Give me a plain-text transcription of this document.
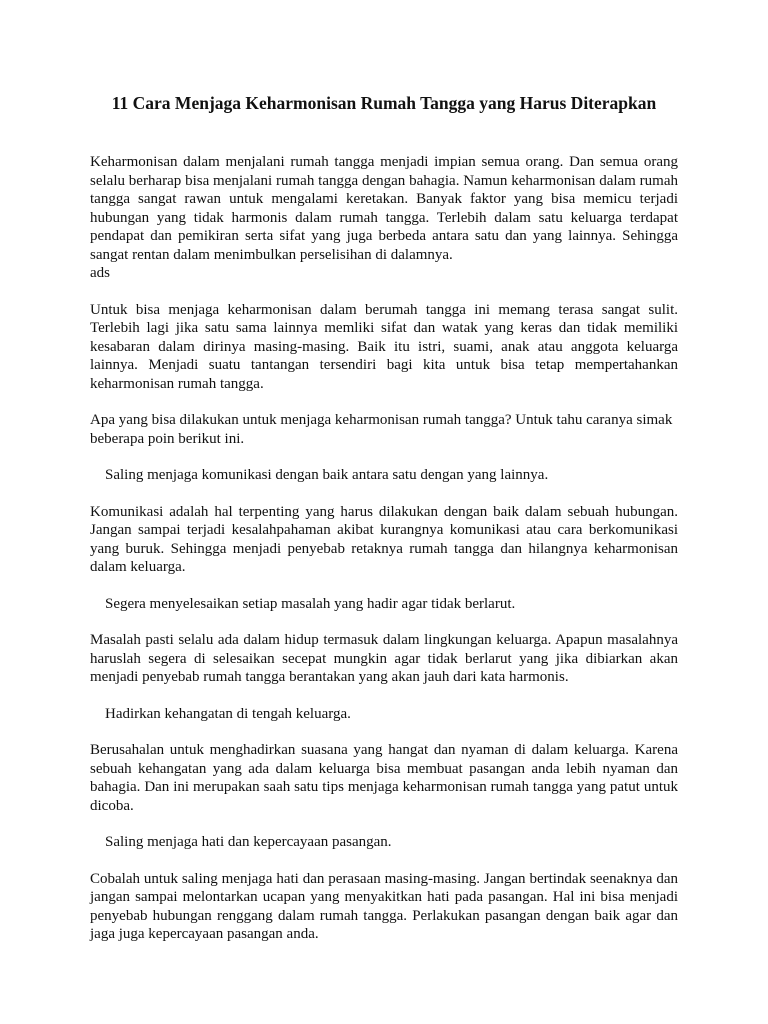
11 Cara Menjaga Keharmonisan Rumah Tangga yang Harus Diterapkan

Keharmonisan dalam menjalani rumah tangga menjadi impian semua orang. Dan semua orang selalu berharap bisa menjalani rumah tangga dengan bahagia. Namun keharmonisan dalam rumah tangga sangat rawan untuk mengalami keretakan. Banyak faktor yang bisa memicu terjadi hubungan yang tidak harmonis dalam rumah tangga. Terlebih dalam satu keluarga terdapat pendapat dan pemikiran serta sifat yang juga berbeda antara satu dan yang lainnya. Sehingga sangat rentan dalam menimbulkan perselisihan di dalamnya.
ads

Untuk bisa menjaga keharmonisan dalam berumah tangga ini memang terasa sangat sulit. Terlebih lagi jika satu sama lainnya memliki sifat dan watak yang keras dan tidak memiliki kesabaran dalam dirinya masing-masing. Baik itu istri, suami, anak atau anggota keluarga lainnya. Menjadi suatu tantangan tersendiri bagi kita untuk bisa tetap mempertahankan keharmonisan rumah tangga.

Apa yang bisa dilakukan untuk menjaga keharmonisan rumah tangga? Untuk tahu caranya simak beberapa poin berikut ini.

Saling menjaga komunikasi dengan baik antara satu dengan yang lainnya.

Komunikasi adalah hal terpenting yang harus dilakukan dengan baik dalam sebuah hubungan. Jangan sampai terjadi kesalahpahaman akibat kurangnya komunikasi atau cara berkomunikasi yang buruk. Sehingga menjadi penyebab retaknya rumah tangga dan hilangnya keharmonisan dalam keluarga.

Segera menyelesaikan setiap masalah yang hadir agar tidak berlarut.

Masalah pasti selalu ada dalam hidup termasuk dalam lingkungan keluarga. Apapun masalahnya haruslah segera di selesaikan secepat mungkin agar tidak berlarut yang jika dibiarkan akan menjadi penyebab rumah tangga berantakan yang akan jauh dari kata harmonis.

Hadirkan kehangatan di tengah keluarga.

Berusahalan untuk menghadirkan suasana yang hangat dan nyaman di dalam keluarga. Karena sebuah kehangatan yang ada dalam keluarga bisa membuat pasangan anda lebih nyaman dan bahagia. Dan ini merupakan saah satu tips menjaga keharmonisan rumah tangga yang patut untuk dicoba.

Saling menjaga hati dan kepercayaan pasangan.

Cobalah untuk saling menjaga hati dan perasaan masing-masing. Jangan bertindak seenaknya dan jangan sampai melontarkan ucapan yang menyakitkan hati pada pasangan. Hal ini bisa menjadi penyebab hubungan renggang dalam rumah tangga. Perlakukan pasangan dengan baik agar dan jaga juga kepercayaan pasangan anda.
